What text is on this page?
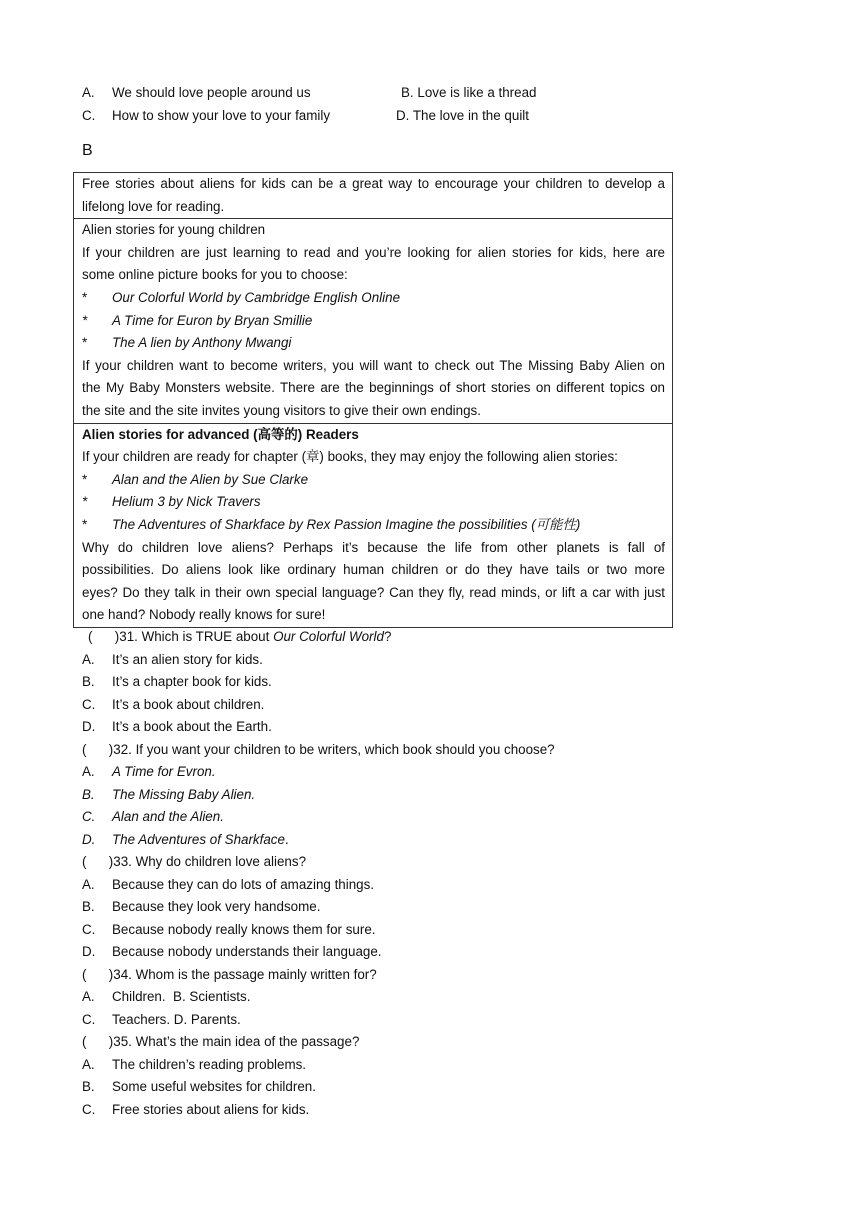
A. We should love people around us	B. Love is like a thread
C. How to show your love to your family	D. The love in the quilt
B
Free stories about aliens for kids can be a great way to encourage your children to develop a
lifelong love for reading.
Alien stories for young children
If your children are just learning to read and you’re looking for alien stories for kids, here are
some online picture books for you to choose:
* Our Colorful World by Cambridge English Online
* A Time for Euron by Bryan Smillie
* The A lien by Anthony Mwangi
If your children want to become writers, you will want to check out The Missing Baby Alien on
the My Baby Monsters website. There are the beginnings of short stories on different topics on
the site and the site invites young visitors to give their own endings.
Alien stories for advanced (高等的) Readers
If your children are ready for chapter (章) books, they may enjoy the following alien stories:
* Alan and the Alien by Sue Clarke
* Helium 3 by Nick Travers
* The Adventures of Sharkface by Rex Passion Imagine the possibilities (可能性)
Why do children love aliens? Perhaps it’s because the life from other planets is fall of
possibilities. Do aliens look like ordinary human children or do they have tails or two more
eyes? Do they talk in their own special language? Can they fly, read minds, or lift a car with just
one hand? Nobody really knows for sure!
(      )31. Which is TRUE about Our Colorful World?
A. It’s an alien story for kids.
B. It’s a chapter book for kids.
C. It’s a book about children.
D. It’s a book about the Earth.
(      )32. If you want your children to be writers, which book should you choose?
A. A Time for Evron.
B. The Missing Baby Alien.
C. Alan and the Alien.
D. The Adventures of Sharkface.
(      )33. Why do children love aliens?
A. Because they can do lots of amazing things.
B. Because they look very handsome.
C. Because nobody really knows them for sure.
D. Because nobody understands their language.
(      )34. Whom is the passage mainly written for?
A. Children.  B. Scientists.
C. Teachers. D. Parents.
(      )35. What’s the main idea of the passage?
A. The children’s reading problems.
B. Some useful websites for children.
C. Free stories about aliens for kids.
